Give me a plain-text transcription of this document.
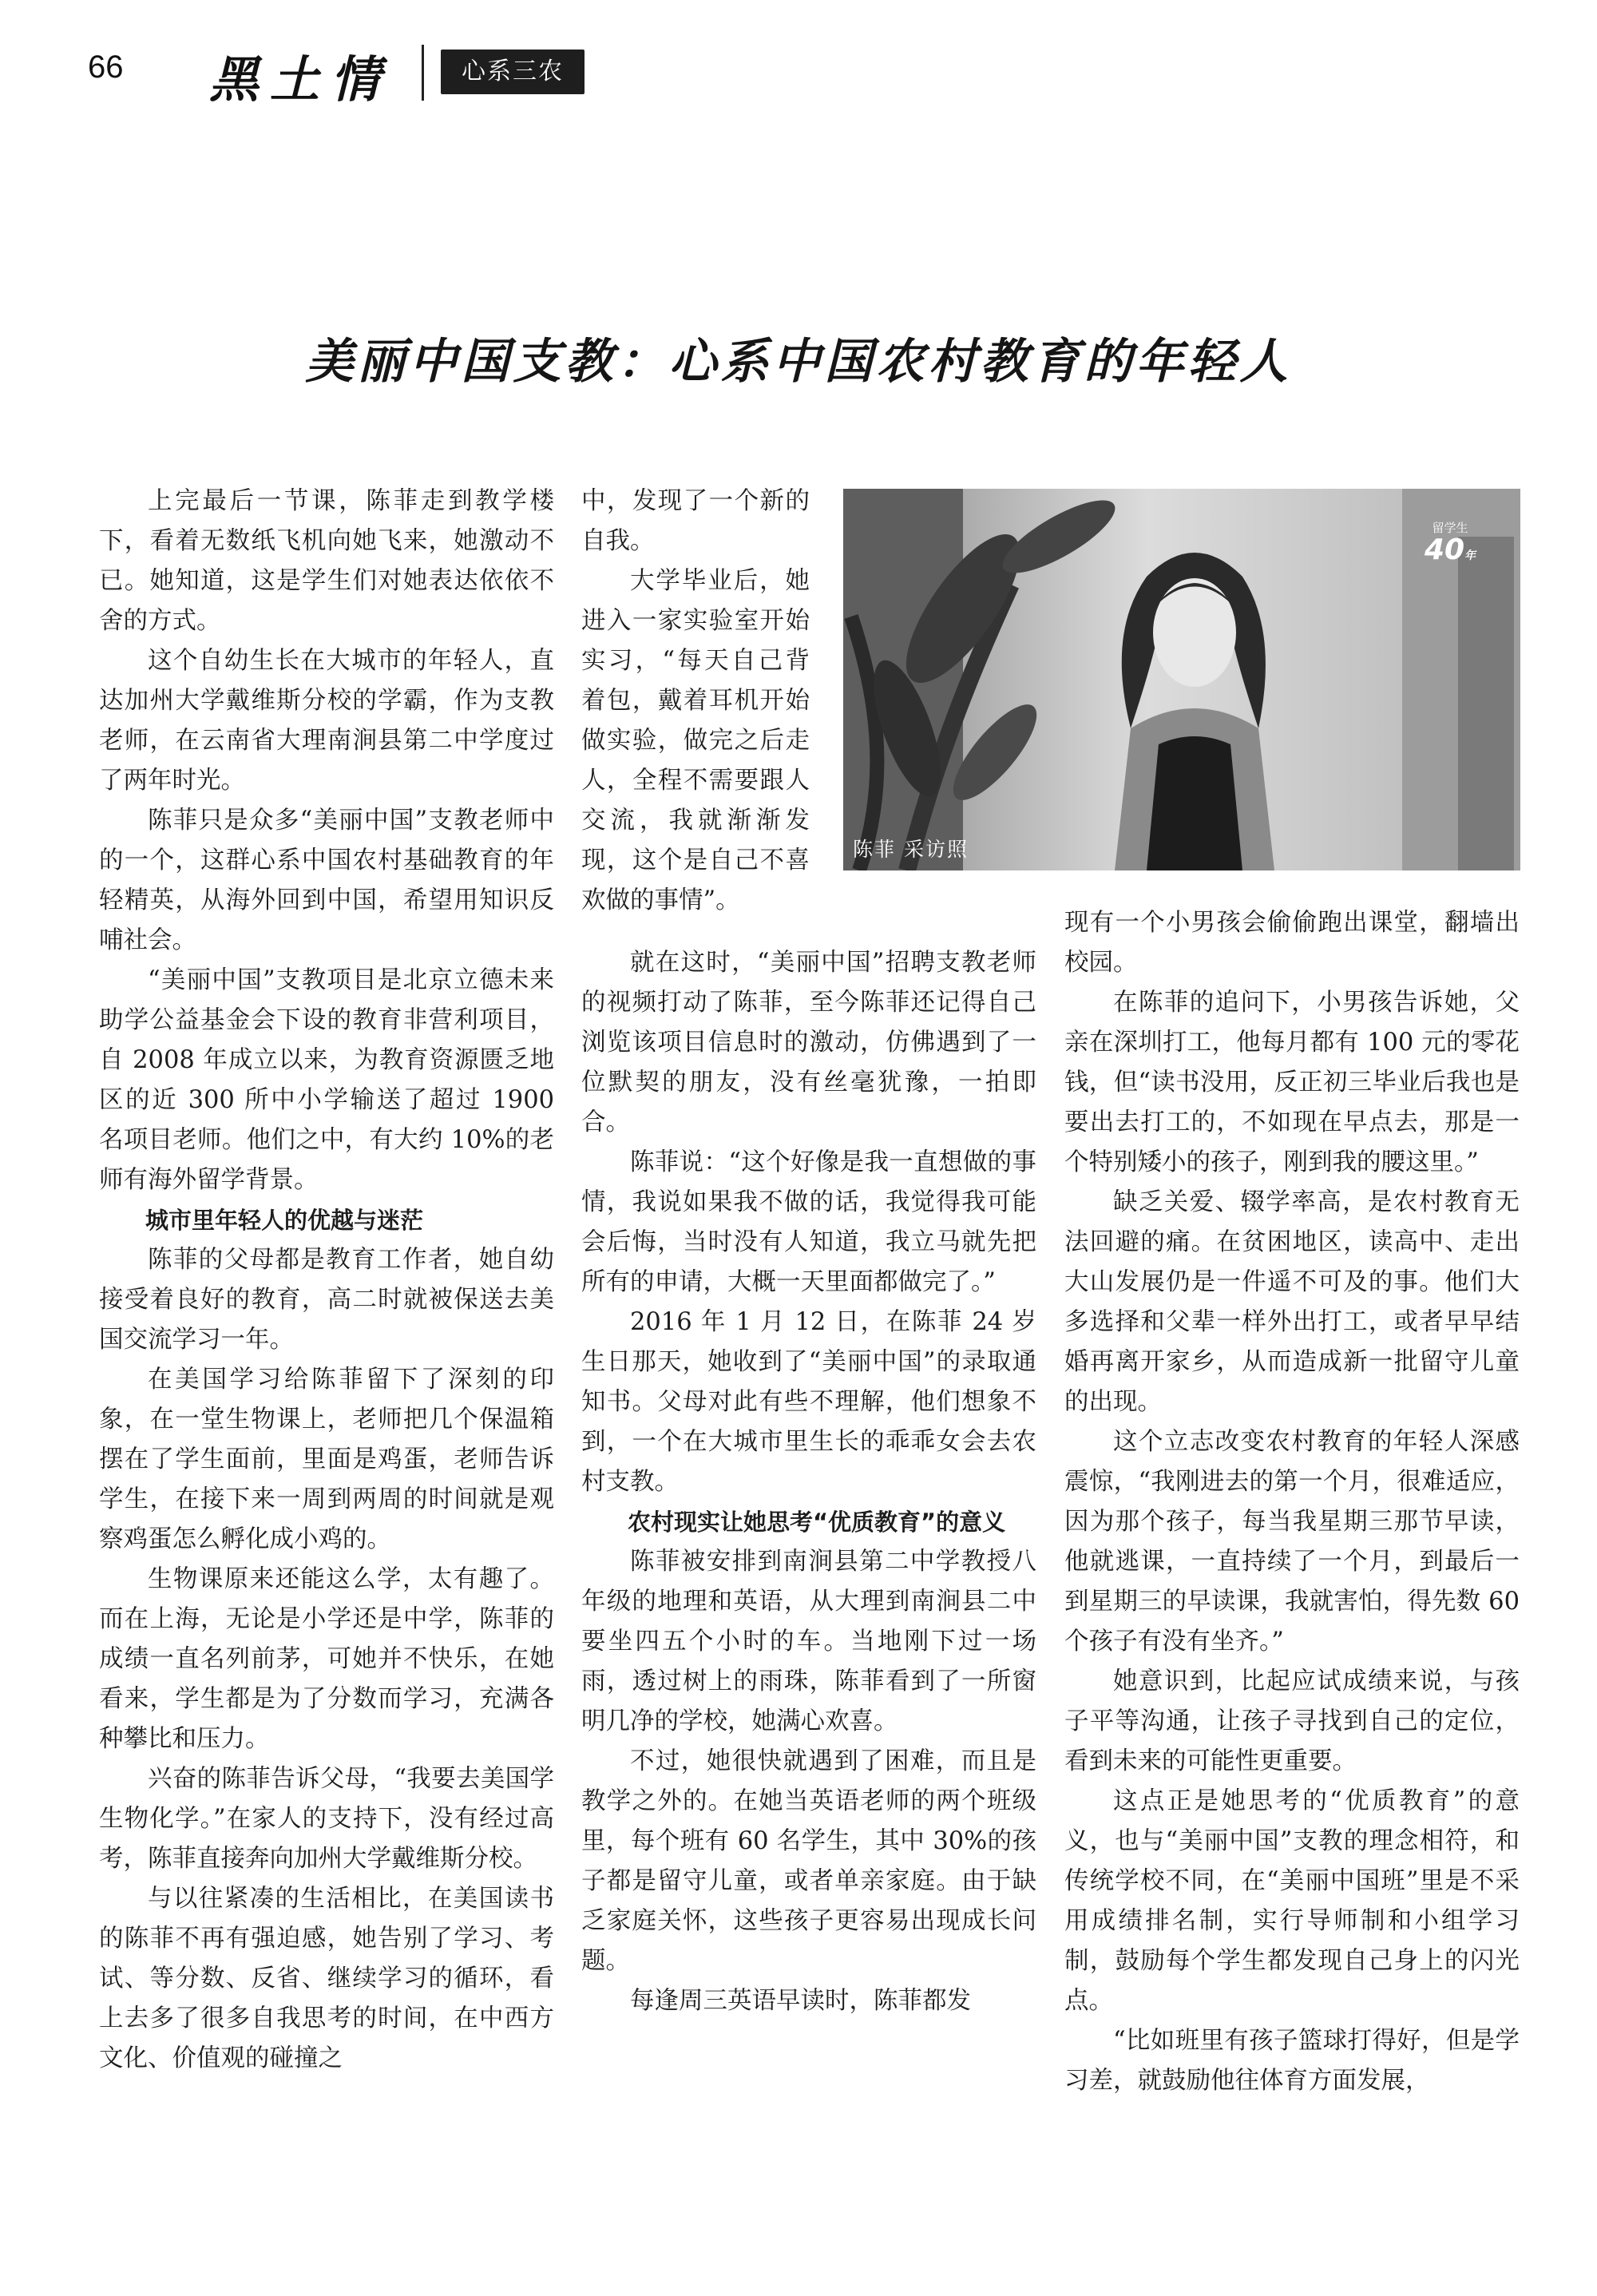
66 黑土情	心系三农
美丽中国支教：心系中国农村教育的年轻人

上完最后一节课，陈菲走到教学楼下，看着无数纸飞机向她飞来，她激动不已。她知道，这是学生们对她表达依依不舍的方式。

这个自幼生长在大城市的年轻人，直达加州大学戴维斯分校的学霸，作为支教老师，在云南省大理南涧县第二中学度过了两年时光。

陈菲只是众多“美丽中国”支教老师中的一个，这群心系中国农村基础教育的年轻精英，从海外回到中国，希望用知识反哺社会。

“美丽中国”支教项目是北京立德未来助学公益基金会下设的教育非营利项目，自 2008 年成立以来，为教育资源匮乏地区的近 300 所中小学输送了超过 1900 名项目老师。他们之中，有大约 10%的老师有海外留学背景。

城市里年轻人的优越与迷茫

陈菲的父母都是教育工作者，她自幼接受着良好的教育，高二时就被保送去美国交流学习一年。

在美国学习给陈菲留下了深刻的印象，在一堂生物课上，老师把几个保温箱摆在了学生面前，里面是鸡蛋，老师告诉学生，在接下来一周到两周的时间就是观察鸡蛋怎么孵化成小鸡的。

生物课原来还能这么学，太有趣了。而在上海，无论是小学还是中学，陈菲的成绩一直名列前茅，可她并不快乐，在她看来，学生都是为了分数而学习，充满各种攀比和压力。

兴奋的陈菲告诉父母，“我要去美国学生物化学。”在家人的支持下，没有经过高考，陈菲直接奔向加州大学戴维斯分校。

与以往紧凑的生活相比，在美国读书的陈菲不再有强迫感，她告别了学习、考试、等分数、反省、继续学习的循环，看上去多了很多自我思考的时间，在中西方文化、价值观的碰撞之

中，发现了一个新的自我。

大学毕业后，她进入一家实验室开始实习，“每天自己背着包，戴着耳机开始做实验，做完之后走人，全程不需要跟人交流，我就渐渐发现，这个是自己不喜欢做的事情”。

就在这时，“美丽中国”招聘支教老师的视频打动了陈菲，至今陈菲还记得自己浏览该项目信息时的激动，仿佛遇到了一位默契的朋友，没有丝毫犹豫，一拍即合。

陈菲说：“这个好像是我一直想做的事情，我说如果我不做的话，我觉得我可能会后悔，当时没有人知道，我立马就先把所有的申请，大概一天里面都做完了。”

2016 年 1 月 12 日，在陈菲 24 岁生日那天，她收到了“美丽中国”的录取通知书。父母对此有些不理解，他们想象不到，一个在大城市里生长的乖乖女会去农村支教。

农村现实让她思考“优质教育”的意义

陈菲被安排到南涧县第二中学教授八年级的地理和英语，从大理到南涧县二中要坐四五个小时的车。当地刚下过一场雨，透过树上的雨珠，陈菲看到了一所窗明几净的学校，她满心欢喜。

不过，她很快就遇到了困难，而且是教学之外的。在她当英语老师的两个班级里，每个班有 60 名学生，其中 30%的孩子都是留守儿童，或者单亲家庭。由于缺乏家庭关怀，这些孩子更容易出现成长问题。

每逢周三英语早读时，陈菲都发

现有一个小男孩会偷偷跑出课堂，翻墙出校园。

在陈菲的追问下，小男孩告诉她，父亲在深圳打工，他每月都有 100 元的零花钱，但“读书没用，反正初三毕业后我也是要出去打工的，不如现在早点去，那是一个特别矮小的孩子，刚到我的腰这里。”

缺乏关爱、辍学率高，是农村教育无法回避的痛。在贫困地区，读高中、走出大山发展仍是一件遥不可及的事。他们大多选择和父辈一样外出打工，或者早早结婚再离开家乡，从而造成新一批留守儿童的出现。

这个立志改变农村教育的年轻人深感震惊，“我刚进去的第一个月，很难适应，因为那个孩子，每当我星期三那节早读，他就逃课，一直持续了一个月，到最后一到星期三的早读课，我就害怕，得先数 60 个孩子有没有坐齐。”

她意识到，比起应试成绩来说，与孩子平等沟通，让孩子寻找到自己的定位，看到未来的可能性更重要。

这点正是她思考的“优质教育”的意义，也与“美丽中国”支教的理念相符，和传统学校不同，在“美丽中国班”里是不采用成绩排名制，实行导师制和小组学习制，鼓励每个学生都发现自己身上的闪光点。

“比如班里有孩子篮球打得好，但是学习差，就鼓励他往体育方面发展，

留学生
40年
陈菲 采访照
